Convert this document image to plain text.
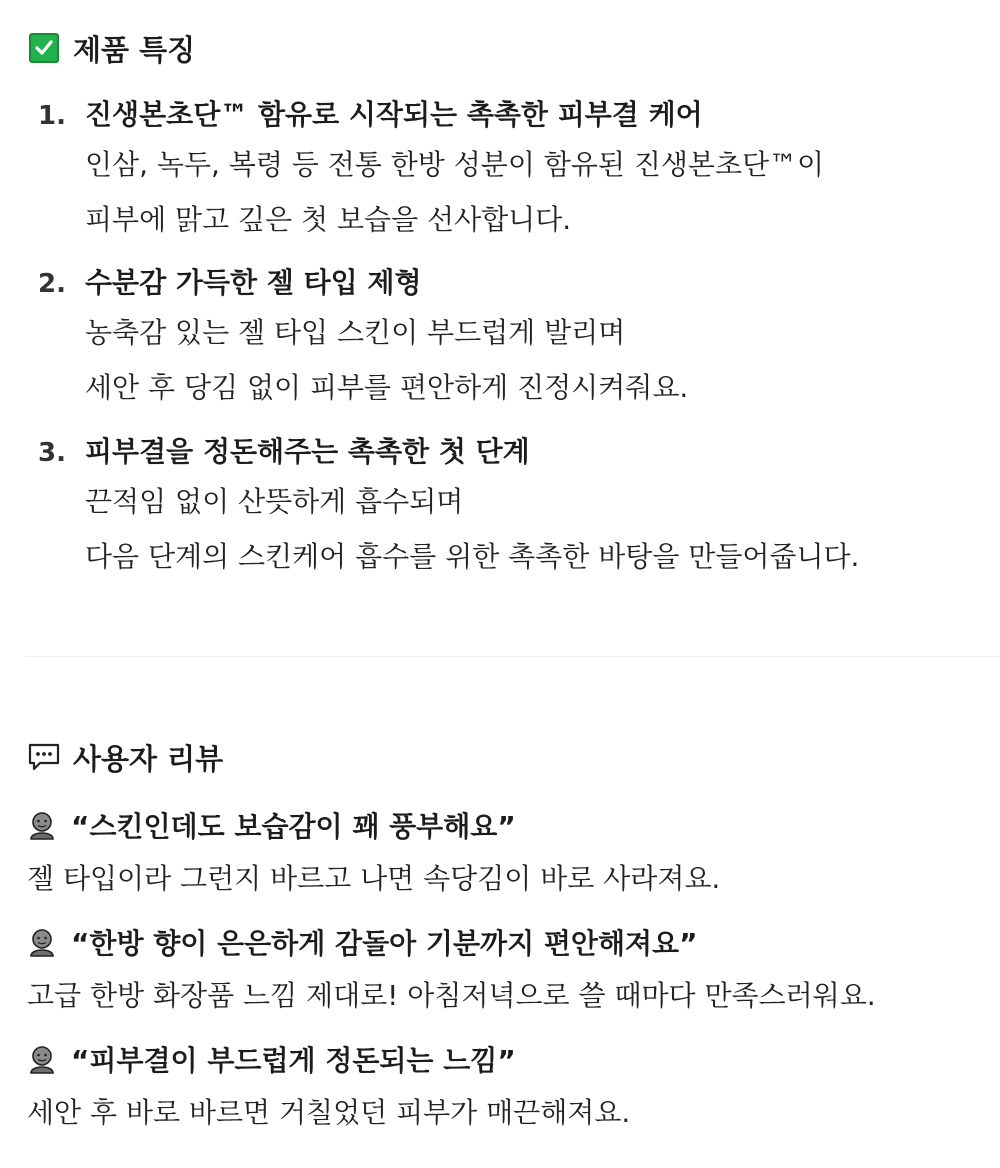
제품 특징
1. 진생본초단™ 함유로 시작되는 촉촉한 피부결 케어
인삼, 녹두, 복령 등 전통 한방 성분이 함유된 진생본초단™이
피부에 맑고 깊은 첫 보습을 선사합니다.
2. 수분감 가득한 젤 타입 제형
농축감 있는 젤 타입 스킨이 부드럽게 발리며
세안 후 당김 없이 피부를 편안하게 진정시켜줘요.
3. 피부결을 정돈해주는 촉촉한 첫 단계
끈적임 없이 산뜻하게 흡수되며
다음 단계의 스킨케어 흡수를 위한 촉촉한 바탕을 만들어줍니다.
사용자 리뷰
“스킨인데도 보습감이 꽤 풍부해요”
젤 타입이라 그런지 바르고 나면 속당김이 바로 사라져요.
“한방 향이 은은하게 감돌아 기분까지 편안해져요”
고급 한방 화장품 느낌 제대로! 아침저녁으로 쓸 때마다 만족스러워요.
“피부결이 부드럽게 정돈되는 느낌”
세안 후 바로 바르면 거칠었던 피부가 매끈해져요.
